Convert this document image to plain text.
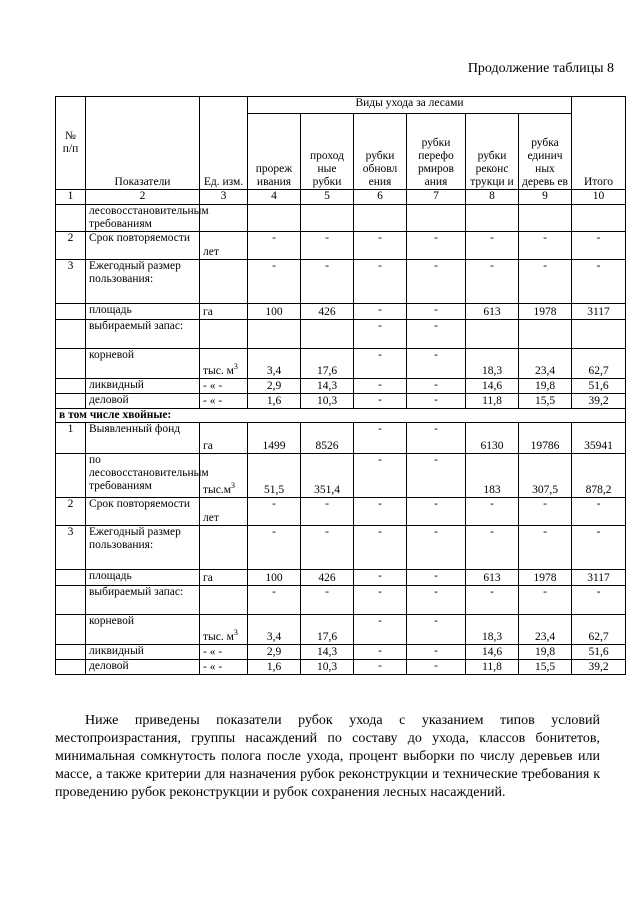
Продолжение таблицы 8
№ п/п	Показатели	Ед. изм.	Виды ухода за лесами						Итого
			прореж ивания	проход ные рубки	рубки обновл ения	рубки перефо рмиров ания	рубки реконс трукци и	рубка единич ных деревь ев	
1	2	3	4	5	6	7	8	9	10
	лесовосстановительным требованиям								
2	Срок повторяемости	лет	-	-	-	-	-	-	-
3	Ежегодный размер пользования:		-	-	-	-	-	-	-
	площадь	га	100	426	-	-	613	1978	3117
	выбираемый запас:				-	-			
	корневой	тыс. $м^3$	3,4	17,6	-	-	18,3	23,4	62,7
	ликвидный	- « -	2,9	14,3	-	-	14,6	19,8	51,6
	деловой	- « -	1,6	10,3	-	-	11,8	15,5	39,2
в том числе хвойные:									
1	Выявленный фонд	га	1499	8526	-	-	6130	19786	35941
	по лесовосстановительным требованиям	$тыс.м^3$	51,5	351,4	-	-	183	307,5	878,2
2	Срок повторяемости	лет	-	-	-	-	-	-	-
3	Ежегодный размер пользования:		-	-	-	-	-	-	-
	площадь	га	100	426	-	-	613	1978	3117
	выбираемый запас:		-	-	-	-	-	-	-
	корневой	тыс. $м^3$	3,4	17,6	-	-	18,3	23,4	62,7
	ликвидный	- « -	2,9	14,3	-	-	14,6	19,8	51,6
	деловой	- « -	1,6	10,3	-	-	11,8	15,5	39,2

Ниже приведены показатели рубок ухода с указанием типов условий местопроизрастания, группы насаждений по составу до ухода, классов бонитетов, минимальная сомкнутость полога после ухода, процент выборки по числу деревьев или массе, а также критерии для назначения рубок реконструкции и технические требования к проведению рубок реконструкции и рубок сохранения лесных насаждений.
